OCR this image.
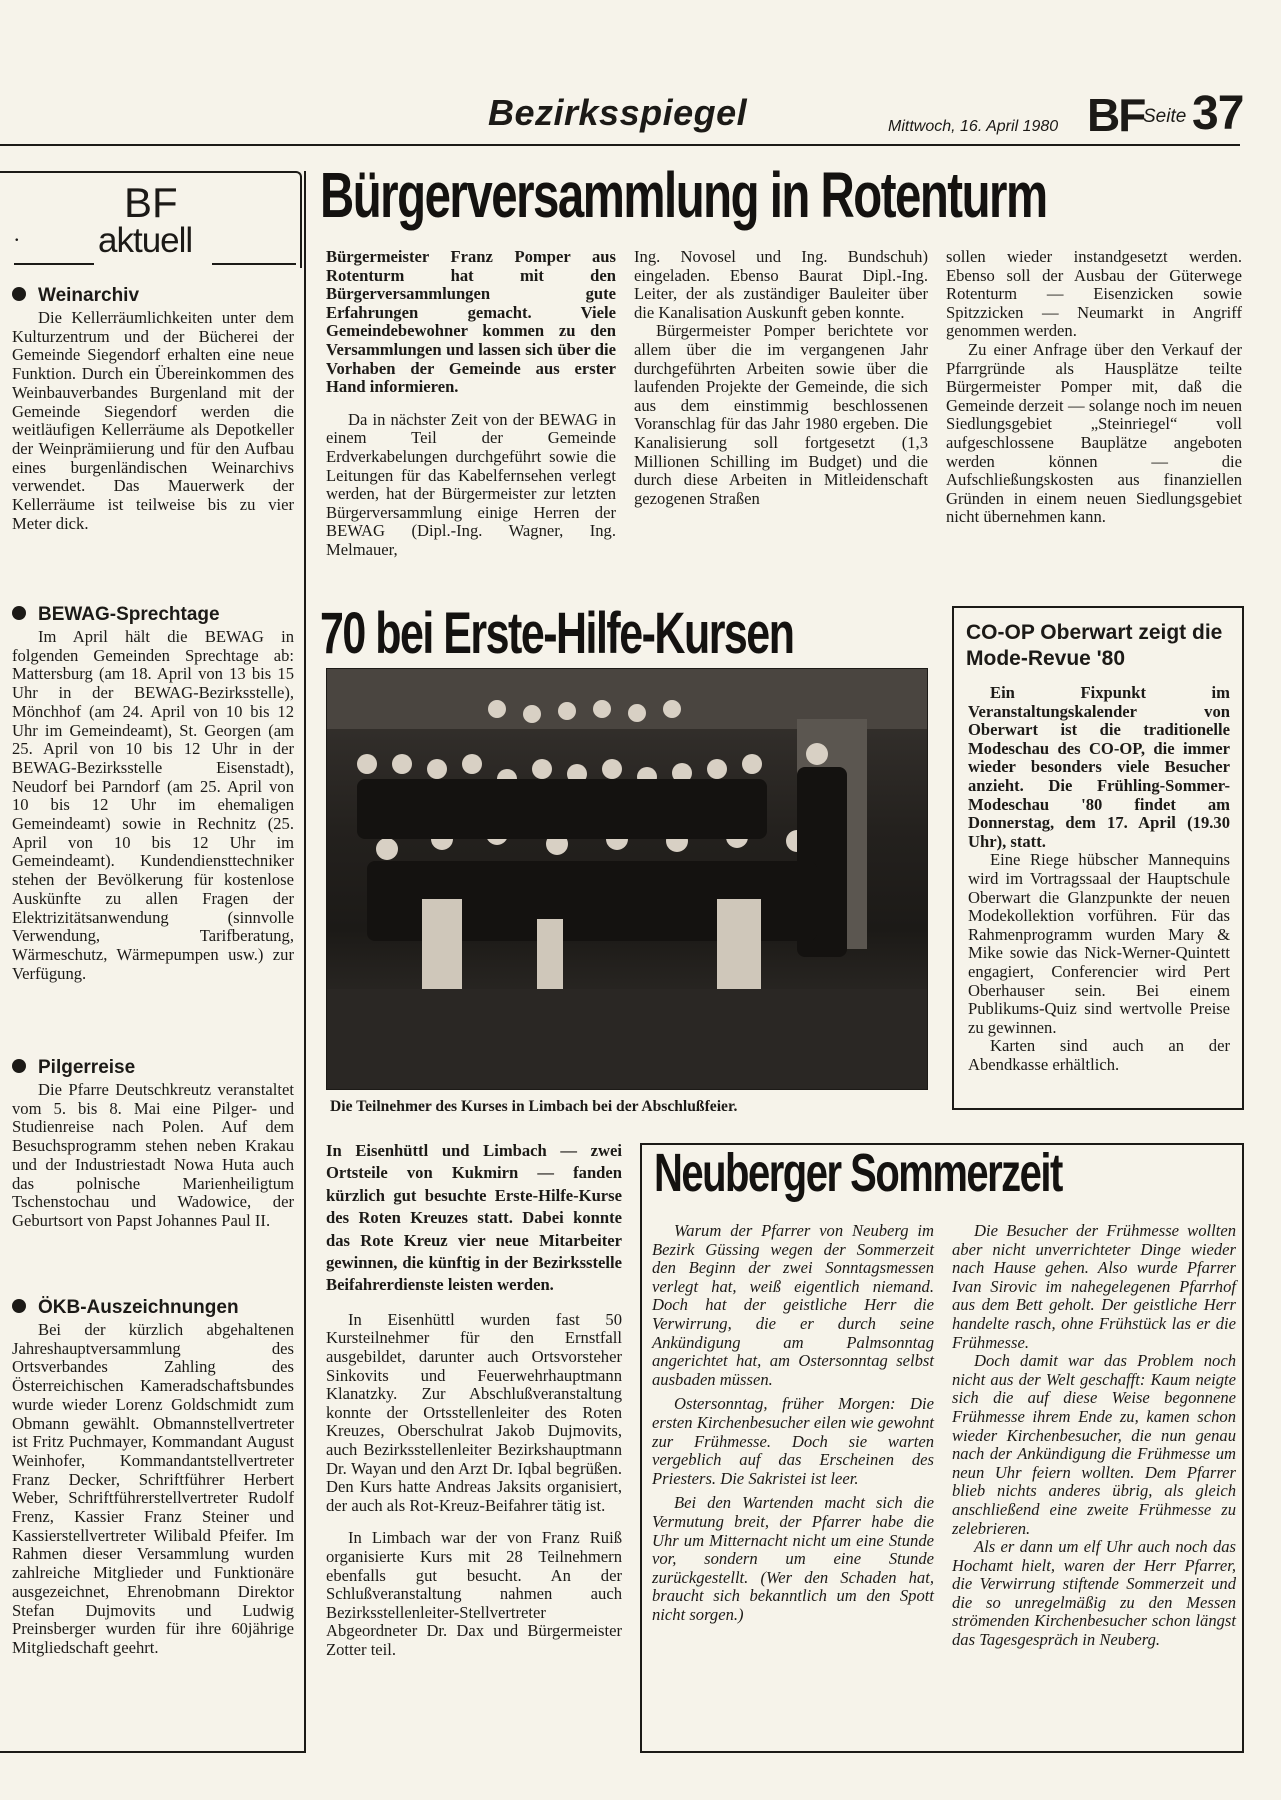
Bezirksspiegel	Mittwoch, 16. April 1980 BF
Seite 37
.
BF
aktuell
Weinarchiv

Die Kellerräumlichkeiten unter dem Kulturzentrum und der Bücherei der Gemeinde Siegendorf erhalten eine neue Funktion. Durch ein Übereinkommen des Weinbauverbandes Burgenland mit der Gemeinde Siegendorf werden die weitläufigen Kellerräume als Depotkeller der Weinprämiierung und für den Aufbau eines burgenländischen Weinarchivs verwendet. Das Mauerwerk der Kellerräume ist teilweise bis zu vier Meter dick.

BEWAG-Sprechtage

Im April hält die BEWAG in folgenden Gemeinden Sprechtage ab: Mattersburg (am 18. April von 13 bis 15 Uhr in der BEWAG-Bezirksstelle), Mönchhof (am 24. April von 10 bis 12 Uhr im Gemeindeamt), St. Georgen (am 25. April von 10 bis 12 Uhr in der BEWAG-Bezirksstelle Eisenstadt), Neudorf bei Parndorf (am 25. April von 10 bis 12 Uhr im ehemaligen Gemeindeamt) sowie in Rechnitz (25. April von 10 bis 12 Uhr im Gemeindeamt). Kundendiensttechniker stehen der Bevölkerung für kostenlose Auskünfte zu allen Fragen der Elektrizitätsanwendung (sinnvolle Verwendung, Tarifberatung, Wärmeschutz, Wärmepumpen usw.) zur Verfügung.

Pilgerreise

Die Pfarre Deutschkreutz veranstaltet vom 5. bis 8. Mai eine Pilger- und Studienreise nach Polen. Auf dem Besuchsprogramm stehen neben Krakau und der Industriestadt Nowa Huta auch das polnische Marienheiligtum Tschenstochau und Wadowice, der Geburtsort von Papst Johannes Paul II.

ÖKB-Auszeichnungen

Bei der kürzlich abgehaltenen Jahreshauptversammlung des Ortsverbandes Zahling des Österreichischen Kameradschaftsbundes wurde wieder Lorenz Goldschmidt zum Obmann gewählt. Obmannstellvertreter ist Fritz Puchmayer, Kommandant August Weinhofer, Kommandantstellvertreter Franz Decker, Schriftführer Herbert Weber, Schriftführerstellvertreter Rudolf Frenz, Kassier Franz Steiner und Kassierstellvertreter Wilibald Pfeifer. Im Rahmen dieser Versammlung wurden zahlreiche Mitglieder und Funktionäre ausgezeichnet, Ehrenobmann Direktor Stefan Dujmovits und Ludwig Preinsberger wurden für ihre 60jährige Mitgliedschaft geehrt.

Bürgerversammlung in Rotenturm

Bürgermeister Franz Pomper aus Rotenturm hat mit den Bürgerversammlungen gute Erfahrungen gemacht. Viele Gemeindebewohner kommen zu den Versammlungen und lassen sich über die Vorhaben der Gemeinde aus erster Hand informieren.

Da in nächster Zeit von der BEWAG in einem Teil der Gemeinde Erdverkabelungen durchgeführt sowie die Leitungen für das Kabelfernsehen verlegt werden, hat der Bürgermeister zur letzten Bürgerversammlung einige Herren der BEWAG (Dipl.-Ing. Wagner, Ing. Melmauer,

Ing. Novosel und Ing. Bundschuh) eingeladen. Ebenso Baurat Dipl.-Ing. Leiter, der als zuständiger Bauleiter über die Kanalisation Auskunft geben konnte.

Bürgermeister Pomper berichtete vor allem über die im vergangenen Jahr durchgeführten Arbeiten sowie über die laufenden Projekte der Gemeinde, die sich aus dem einstimmig beschlossenen Voranschlag für das Jahr 1980 ergeben. Die Kanalisierung soll fortgesetzt (1,3 Millionen Schilling im Budget) und die durch diese Arbeiten in Mitleidenschaft gezogenen Straßen

sollen wieder instandgesetzt werden. Ebenso soll der Ausbau der Güterwege Rotenturm — Eisenzicken sowie Spitzzicken — Neumarkt in Angriff genommen werden.

Zu einer Anfrage über den Verkauf der Pfarrgründe als Hausplätze teilte Bürgermeister Pomper mit, daß die Gemeinde derzeit — solange noch im neuen Siedlungsgebiet „Steinriegel“ voll aufgeschlossene Bauplätze angeboten werden können — die Aufschließungskosten aus finanziellen Gründen in einem neuen Siedlungsgebiet nicht übernehmen kann.

70 bei Erste-Hilfe-Kursen
Die Teilnehmer des Kurses in Limbach bei der Abschlußfeier.

In Eisenhüttl und Limbach — zwei Ortsteile von Kukmirn — fanden kürzlich gut besuchte Erste-Hilfe-Kurse des Roten Kreuzes statt. Dabei konnte das Rote Kreuz vier neue Mitarbeiter gewinnen, die künftig in der Bezirksstelle Beifahrerdienste leisten werden.

In Eisenhüttl wurden fast 50 Kursteilnehmer für den Ernstfall ausgebildet, darunter auch Ortsvorsteher Sinkovits und Feuerwehrhauptmann Klanatzky. Zur Abschlußveranstaltung konnte der Ortsstellenleiter des Roten Kreuzes, Oberschulrat Jakob Dujmovits, auch Bezirksstellenleiter Bezirkshauptmann Dr. Wayan und den Arzt Dr. Iqbal begrüßen. Den Kurs hatte Andreas Jaksits organisiert, der auch als Rot-Kreuz-Beifahrer tätig ist.

In Limbach war der von Franz Ruiß organisierte Kurs mit 28 Teilnehmern ebenfalls gut besucht. An der Schlußveranstaltung nahmen auch Bezirksstellenleiter-Stellvertreter Abgeordneter Dr. Dax und Bürgermeister Zotter teil.

CO-OP Oberwart zeigt die Mode-Revue '80

Ein Fixpunkt im Veranstaltungskalender von Oberwart ist die traditionelle Modeschau des CO-OP, die immer wieder besonders viele Besucher anzieht. Die Frühling-Sommer-Modeschau '80 findet am Donnerstag, dem 17. April (19.30 Uhr), statt.

Eine Riege hübscher Mannequins wird im Vortragssaal der Hauptschule Oberwart die Glanzpunkte der neuen Modekollektion vorführen. Für das Rahmenprogramm wurden Mary & Mike sowie das Nick-Werner-Quintett engagiert, Conferencier wird Pert Oberhauser sein. Bei einem Publikums-Quiz sind wertvolle Preise zu gewinnen.

Karten sind auch an der Abendkasse erhältlich.

Neuberger Sommerzeit

Warum der Pfarrer von Neuberg im Bezirk Güssing wegen der Sommerzeit den Beginn der zwei Sonntagsmessen verlegt hat, weiß eigentlich niemand. Doch hat der geistliche Herr die Verwirrung, die er durch seine Ankündigung am Palmsonntag angerichtet hat, am Ostersonntag selbst ausbaden müssen.

Ostersonntag, früher Morgen: Die ersten Kirchenbesucher eilen wie gewohnt zur Frühmesse. Doch sie warten vergeblich auf das Erscheinen des Priesters. Die Sakristei ist leer.

Bei den Wartenden macht sich die Vermutung breit, der Pfarrer habe die Uhr um Mitternacht nicht um eine Stunde vor, sondern um eine Stunde zurückgestellt. (Wer den Schaden hat, braucht sich bekanntlich um den Spott nicht sorgen.)

Die Besucher der Frühmesse wollten aber nicht unverrichteter Dinge wieder nach Hause gehen. Also wurde Pfarrer Ivan Sirovic im nahegelegenen Pfarrhof aus dem Bett geholt. Der geistliche Herr handelte rasch, ohne Frühstück las er die Frühmesse.

Doch damit war das Problem noch nicht aus der Welt geschafft: Kaum neigte sich die auf diese Weise begonnene Frühmesse ihrem Ende zu, kamen schon wieder Kirchenbesucher, die nun genau nach der Ankündigung die Frühmesse um neun Uhr feiern wollten. Dem Pfarrer blieb nichts anderes übrig, als gleich anschließend eine zweite Frühmesse zu zelebrieren.

Als er dann um elf Uhr auch noch das Hochamt hielt, waren der Herr Pfarrer, die Verwirrung stiftende Sommerzeit und die so unregelmäßig zu den Messen strömenden Kirchenbesucher schon längst das Tagesgespräch in Neuberg.
